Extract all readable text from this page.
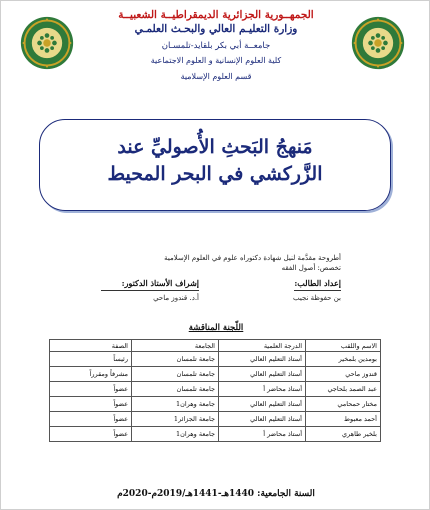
الجمهــورية الجزائرية الديمقراطيــة الشعبيــة
وزارة التعليـم العالي والبحـث العلمـي
جامعــة أبي بكر بلقايد-تلمسـان
كلية العلوم الإنسانية و العلوم الاجتماعية
قسم العلوم الإسلامية
مَنهجُ البَحثِ الأُصوليِّ عند
الزَّركشي في البحر المحيط
أطروحة مقدَّمة لنيل شهادة دكتوراه علوم في العلوم الإسلامية
تخصص: أصول الفقه
إعداد الطالب:
بن حفوظة نجيب
إشراف الأستاذ الدكتور:
أ.د. قندوز ماحي
اللّجنة المناقشة
الاسم واللقب	الدرجة العلمية	الجامعة	الصفة
بومدين بلمخير	أستاذ التعليم العالي	جامعة تلمسان	رئيساً
قندوز ماحي	أستاذ التعليم العالي	جامعة تلمسان	مشرفاً ومقرراً
عبد الصمد بلحاجي	أستاذ محاضر أ	جامعة تلمسان	عضواً
مختار حمحامي	أستاذ التعليم العالي	جامعة وهران1	عضواً
أحمد معبوط	أستاذ التعليم العالي	جامعة الجزائر1	عضواً
بلخير طاهري	أستاذ محاضر أ	جامعة وهران1	عضواً
السنة الجامعية: 1440هـ-1441هـ/2019م-2020م
